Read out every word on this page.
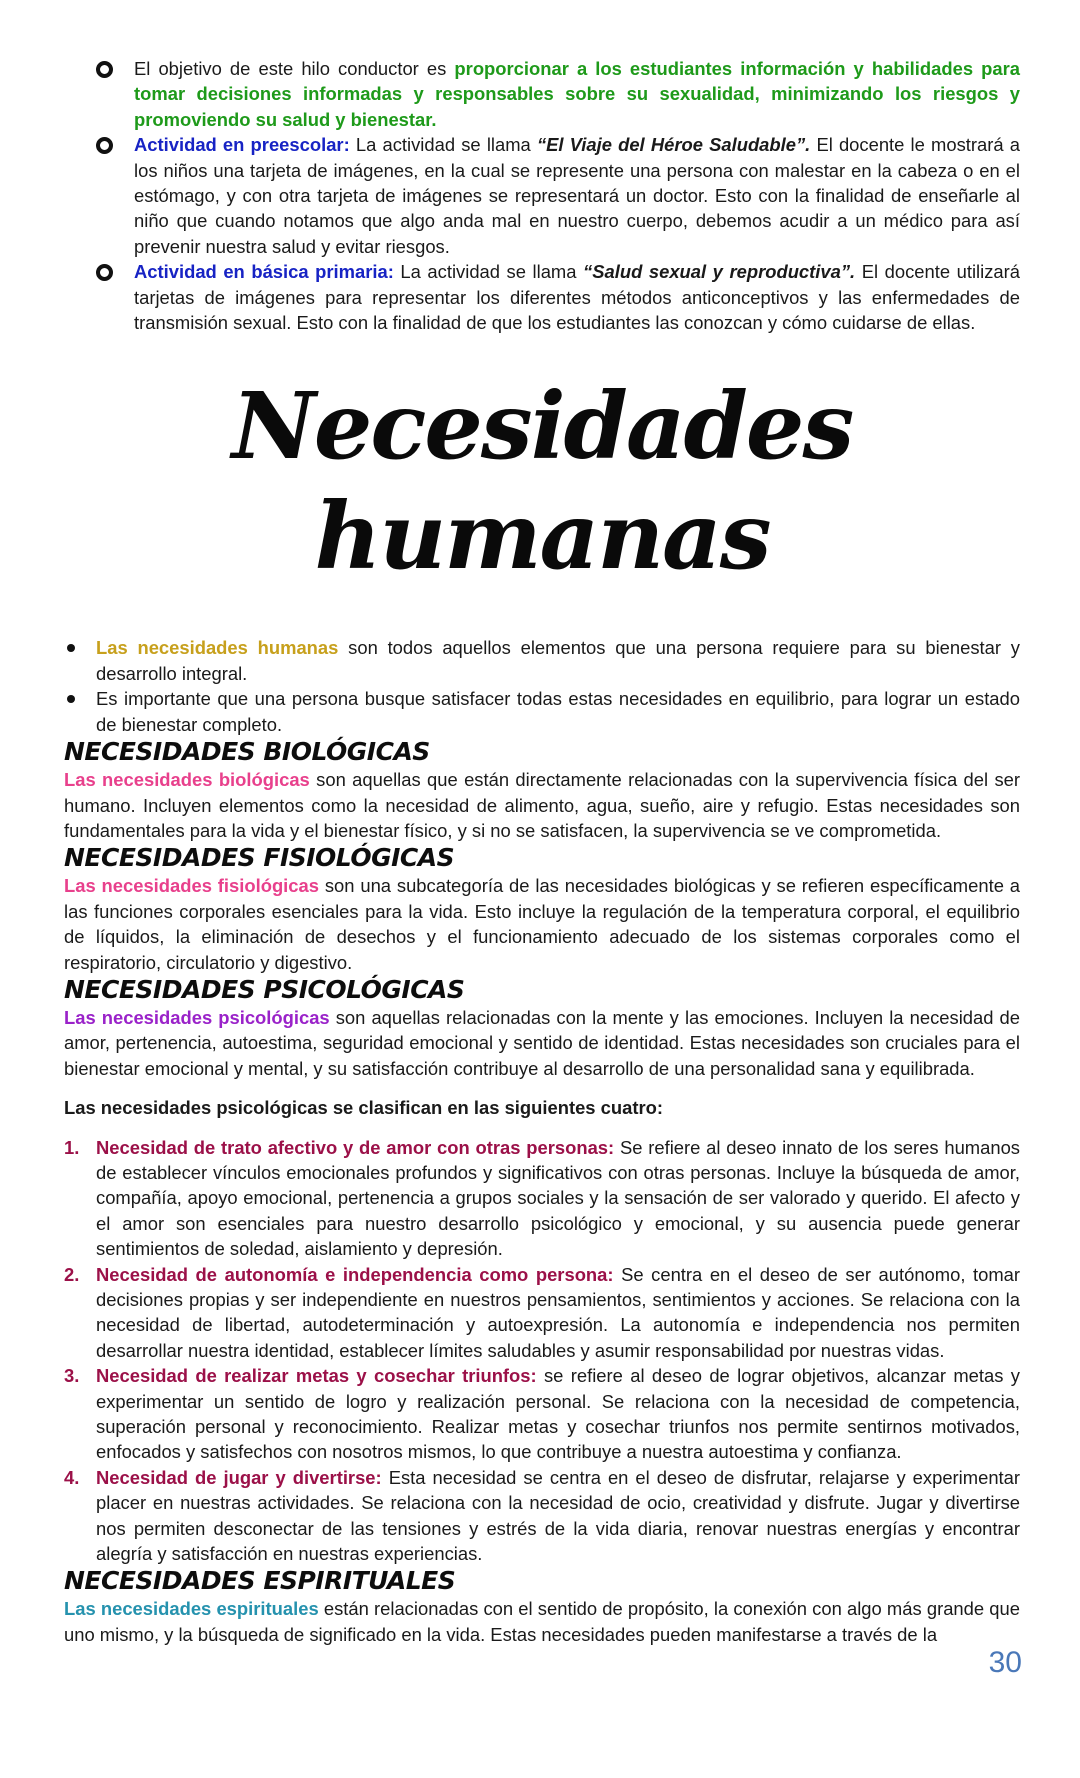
El objetivo de este hilo conductor es proporcionar a los estudiantes información y habilidades para tomar decisiones informadas y responsables sobre su sexualidad, minimizando los riesgos y promoviendo su salud y bienestar.
Actividad en preescolar: La actividad se llama “El Viaje del Héroe Saludable”. El docente le mostrará a los niños una tarjeta de imágenes, en la cual se represente una persona con malestar en la cabeza o en el estómago, y con otra tarjeta de imágenes se representará un doctor. Esto con la finalidad de enseñarle al niño que cuando notamos que algo anda mal en nuestro cuerpo, debemos acudir a un médico para así prevenir nuestra salud y evitar riesgos.
Actividad en básica primaria: La actividad se llama “Salud sexual y reproductiva”. El docente utilizará tarjetas de imágenes para representar los diferentes métodos anticonceptivos y las enfermedades de transmisión sexual. Esto con la finalidad de que los estudiantes las conozcan y cómo cuidarse de ellas.
Necesidades humanas
Las necesidades humanas son todos aquellos elementos que una persona requiere para su bienestar y desarrollo integral.
Es importante que una persona busque satisfacer todas estas necesidades en equilibrio, para lograr un estado de bienestar completo.
NECESIDADES BIOLÓGICAS
Las necesidades biológicas son aquellas que están directamente relacionadas con la supervivencia física del ser humano. Incluyen elementos como la necesidad de alimento, agua, sueño, aire y refugio. Estas necesidades son fundamentales para la vida y el bienestar físico, y si no se satisfacen, la supervivencia se ve comprometida.
NECESIDADES FISIOLÓGICAS
Las necesidades fisiológicas son una subcategoría de las necesidades biológicas y se refieren específicamente a las funciones corporales esenciales para la vida. Esto incluye la regulación de la temperatura corporal, el equilibrio de líquidos, la eliminación de desechos y el funcionamiento adecuado de los sistemas corporales como el respiratorio, circulatorio y digestivo.
NECESIDADES PSICOLÓGICAS
Las necesidades psicológicas son aquellas relacionadas con la mente y las emociones. Incluyen la necesidad de amor, pertenencia, autoestima, seguridad emocional y sentido de identidad. Estas necesidades son cruciales para el bienestar emocional y mental, y su satisfacción contribuye al desarrollo de una personalidad sana y equilibrada.
Las necesidades psicológicas se clasifican en las siguientes cuatro:
1. Necesidad de trato afectivo y de amor con otras personas: Se refiere al deseo innato de los seres humanos de establecer vínculos emocionales profundos y significativos con otras personas. Incluye la búsqueda de amor, compañía, apoyo emocional, pertenencia a grupos sociales y la sensación de ser valorado y querido. El afecto y el amor son esenciales para nuestro desarrollo psicológico y emocional, y su ausencia puede generar sentimientos de soledad, aislamiento y depresión.
2. Necesidad de autonomía e independencia como persona: Se centra en el deseo de ser autónomo, tomar decisiones propias y ser independiente en nuestros pensamientos, sentimientos y acciones. Se relaciona con la necesidad de libertad, autodeterminación y autoexpresión. La autonomía e independencia nos permiten desarrollar nuestra identidad, establecer límites saludables y asumir responsabilidad por nuestras vidas.
3. Necesidad de realizar metas y cosechar triunfos: se refiere al deseo de lograr objetivos, alcanzar metas y experimentar un sentido de logro y realización personal. Se relaciona con la necesidad de competencia, superación personal y reconocimiento. Realizar metas y cosechar triunfos nos permite sentirnos motivados, enfocados y satisfechos con nosotros mismos, lo que contribuye a nuestra autoestima y confianza.
4. Necesidad de jugar y divertirse: Esta necesidad se centra en el deseo de disfrutar, relajarse y experimentar placer en nuestras actividades. Se relaciona con la necesidad de ocio, creatividad y disfrute. Jugar y divertirse nos permiten desconectar de las tensiones y estrés de la vida diaria, renovar nuestras energías y encontrar alegría y satisfacción en nuestras experiencias.
NECESIDADES ESPIRITUALES
Las necesidades espirituales están relacionadas con el sentido de propósito, la conexión con algo más grande que uno mismo, y la búsqueda de significado en la vida. Estas necesidades pueden manifestarse a través de la
30
